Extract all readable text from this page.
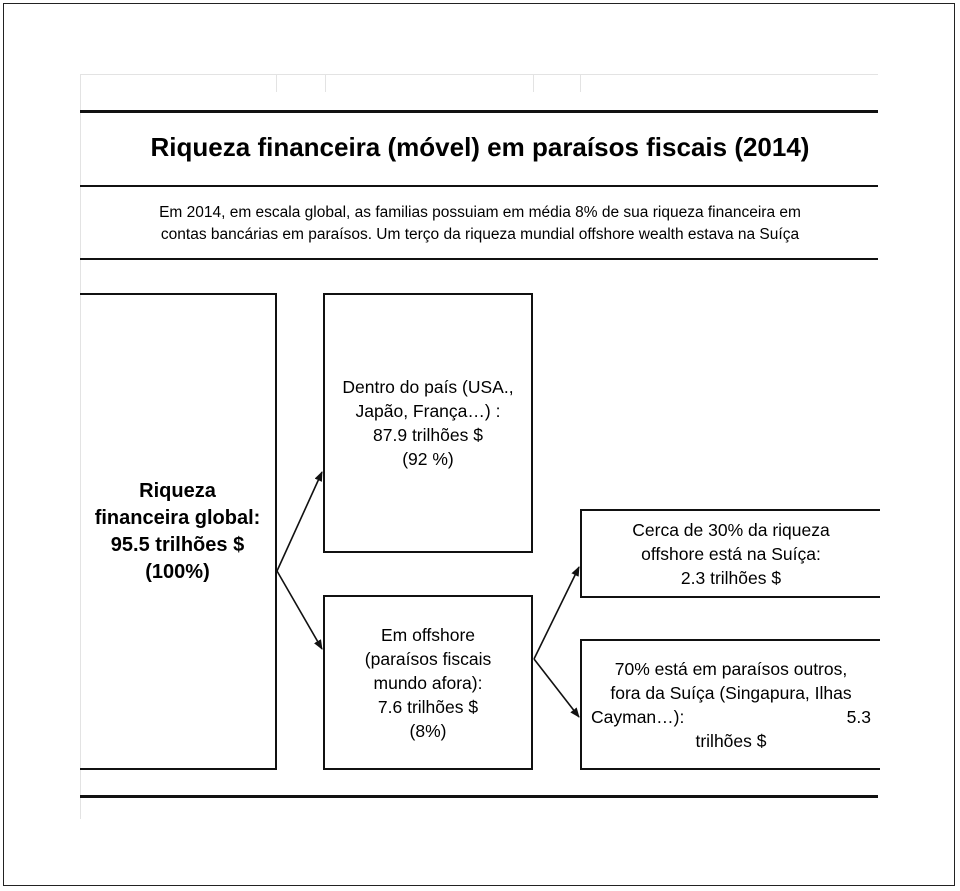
Riqueza financeira (móvel) em paraísos fiscais (2014)
Em 2014, em escala global, as familias possuiam em média 8% de sua riqueza financeira em
contas bancárias em paraísos. Um terço da riqueza mundial offshore wealth estava na Suíça
Riqueza
financeira global:
95.5 trilhões $
(100%)
Dentro do país (USA.,
Japão, França…) :
87.9 trilhões $
(92 %)
Em offshore
(paraísos fiscais
mundo afora):
7.6 trilhões $
(8%)
Cerca de 30% da riqueza
offshore está na Suíça:
2.3 trilhões $
70% está em paraísos outros,
fora da Suíça (Singapura, Ilhas
Cayman…):	5.3
trilhões $
